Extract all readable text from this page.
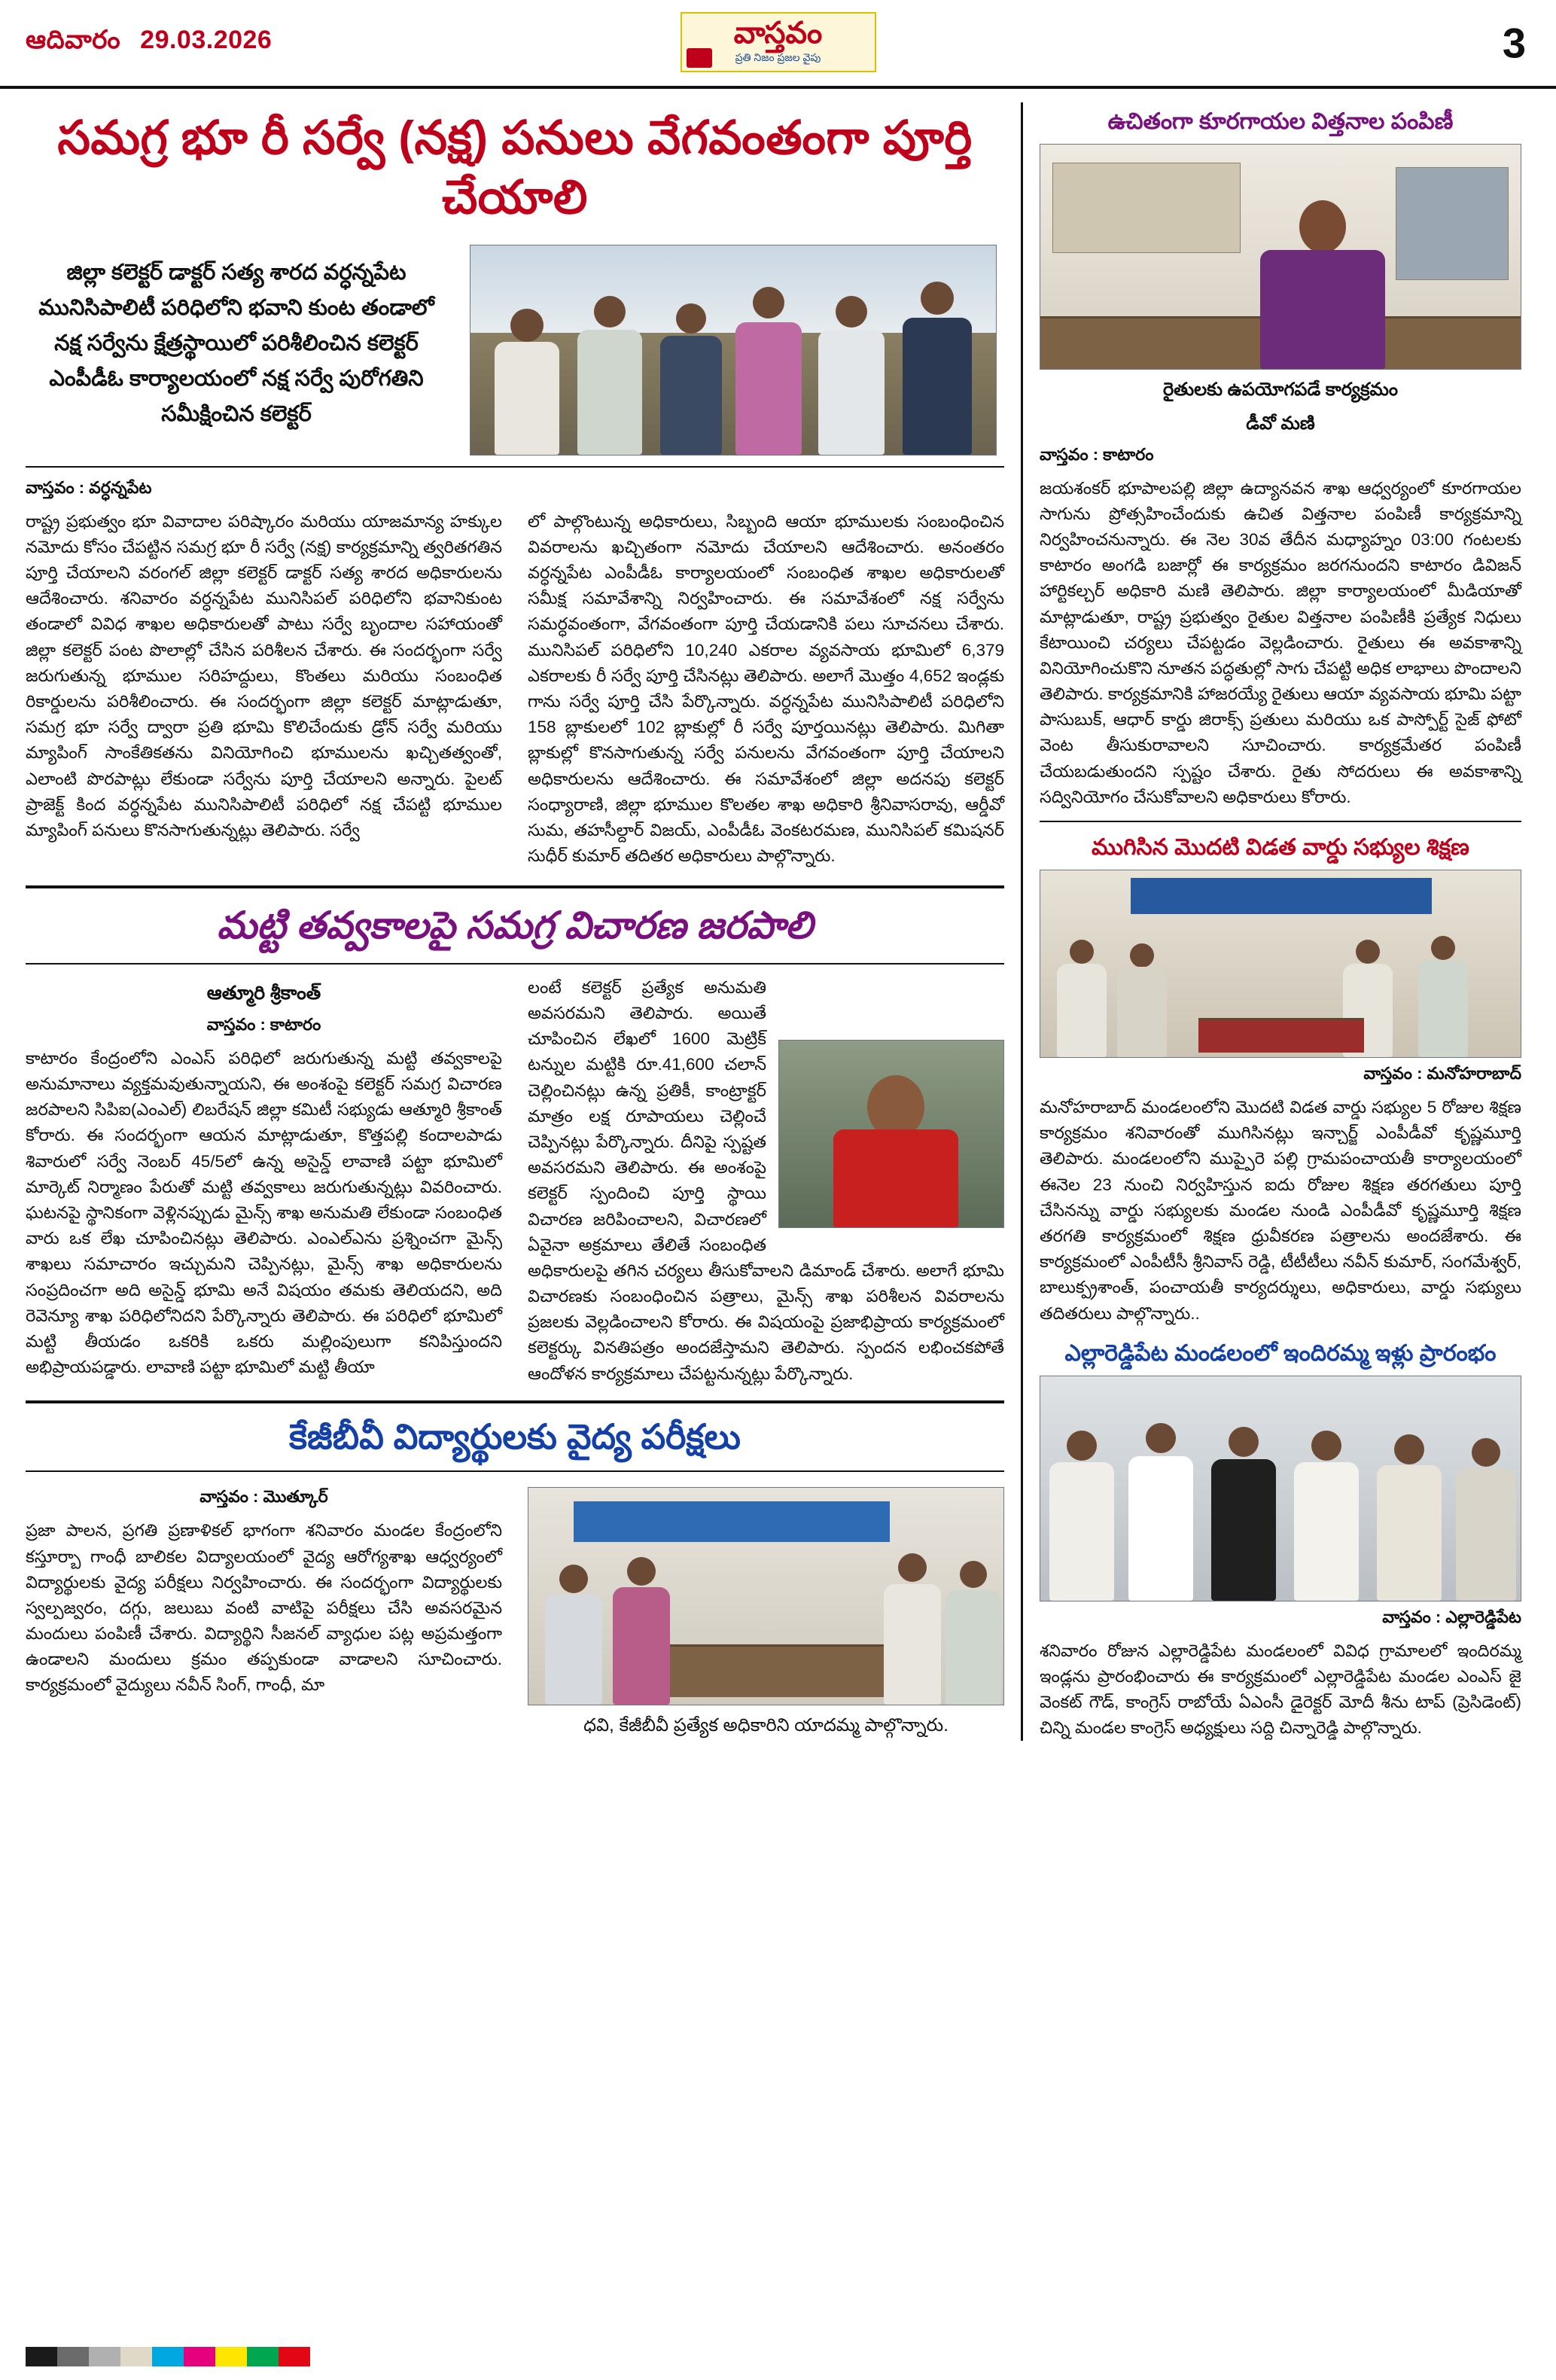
ఆదివారం 29.03.2026	వాస్తవం
ప్రతి నిజం ప్రజల వైపు	3
సమగ్ర భూ రీ సర్వే (నక్ష) పనులు వేగవంతంగా పూర్తి చేయాలి
జిల్లా కలెక్టర్ డాక్టర్ సత్య శారద వర్ధన్నపేట మునిసిపాలిటీ పరిధిలోని భవాని కుంట తండాలో నక్ష సర్వేను క్షేత్రస్థాయిలో పరిశీలించిన కలెక్టర్ ఎంపీడీఓ కార్యాలయంలో నక్ష సర్వే పురోగతిని సమీక్షించిన కలెక్టర్
వాస్తవం : వర్ధన్నపేట
రాష్ట్ర ప్రభుత్వం భూ వివాదాల పరిష్కారం మరియు యాజమాన్య హక్కుల నమోదు కోసం చేపట్టిన సమగ్ర భూ రీ సర్వే (నక్ష) కార్యక్రమాన్ని త్వరితగతిన పూర్తి చేయాలని వరంగల్ జిల్లా కలెక్టర్ డాక్టర్ సత్య శారద అధికారులను ఆదేశించారు. శనివారం వర్ధన్నపేట మునిసిపల్ పరిధిలోని భవానికుంట తండాలో వివిధ శాఖల అధికారులతో పాటు సర్వే బృందాల సహాయంతో జిల్లా కలెక్టర్ పంట పొలాల్లో చేసిన పరిశీలన చేశారు. ఈ సందర్భంగా సర్వే జరుగుతున్న భూముల సరిహద్దులు, కొంతలు మరియు సంబంధిత రికార్డులను పరిశీలించారు. ఈ సందర్భంగా జిల్లా కలెక్టర్ మాట్లాడుతూ, సమగ్ర భూ సర్వే ద్వారా ప్రతి భూమి కొలిచేందుకు డ్రోన్ సర్వే మరియు మ్యాపింగ్ సాంకేతికతను వినియోగించి భూములను ఖచ్చితత్వంతో, ఎలాంటి పొరపాట్లు లేకుండా సర్వేను పూర్తి చేయాలని అన్నారు. పైలట్ ప్రాజెక్ట్ కింద వర్ధన్నపేట మునిసిపాలిటీ పరిధిలో నక్ష చేపట్టి భూముల మ్యాపింగ్ పనులు కొనసాగుతున్నట్లు తెలిపారు. సర్వే
లో పాల్గొంటున్న అధికారులు, సిబ్బంది ఆయా భూములకు సంబంధించిన వివరాలను ఖచ్చితంగా నమోదు చేయాలని ఆదేశించారు. అనంతరం వర్ధన్నపేట ఎంపీడీఓ కార్యాలయంలో సంబంధిత శాఖల అధికారులతో సమీక్ష సమావేశాన్ని నిర్వహించారు. ఈ సమావేశంలో నక్ష సర్వేను సమర్ధవంతంగా, వేగవంతంగా పూర్తి చేయడానికి పలు సూచనలు చేశారు. మునిసిపల్ పరిధిలోని 10,240 ఎకరాల వ్యవసాయ భూమిలో 6,379 ఎకరాలకు రీ సర్వే పూర్తి చేసినట్లు తెలిపారు. అలాగే మొత్తం 4,652 ఇండ్లకు గాను సర్వే పూర్తి చేసి పేర్కొన్నారు. వర్ధన్నపేట మునిసిపాలిటీ పరిధిలోని 158 బ్లాకులలో 102 బ్లాకుల్లో రీ సర్వే పూర్తయినట్లు తెలిపారు. మిగితా బ్లాకుల్లో కొనసాగుతున్న సర్వే పనులను వేగవంతంగా పూర్తి చేయాలని అధికారులను ఆదేశించారు. ఈ సమావేశంలో జిల్లా అదనపు కలెక్టర్ సంధ్యారాణి, జిల్లా భూముల కొలతల శాఖ అధికారి శ్రీనివాసరావు, ఆర్డీవో సుమ, తహసీల్దార్ విజయ్, ఎంపీడీఓ వెంకటరమణ, మునిసిపల్ కమిషనర్ సుధీర్ కుమార్ తదితర అధికారులు పాల్గొన్నారు.
మట్టి తవ్వకాలపై సమగ్ర విచారణ జరపాలి
ఆత్మూరి శ్రీకాంత్
వాస్తవం : కాటారం
కాటారం కేంద్రంలోని ఎంఎస్ పరిధిలో జరుగుతున్న మట్టి తవ్వకాలపై అనుమానాలు వ్యక్తమవుతున్నాయని, ఈ అంశంపై కలెక్టర్ సమగ్ర విచారణ జరపాలని సిపిఐ(ఎంఎల్) లిబరేషన్ జిల్లా కమిటీ సభ్యుడు ఆత్మూరి శ్రీకాంత్ కోరారు. ఈ సందర్భంగా ఆయన మాట్లాడుతూ, కొత్తపల్లి కందాలపాడు శివారులో సర్వే నెంబర్ 45/5లో ఉన్న అసైన్డ్ లావాణి పట్టా భూమిలో మార్కెట్ నిర్మాణం పేరుతో మట్టి తవ్వకాలు జరుగుతున్నట్లు వివరించారు. ఘటనపై స్థానికంగా వెళ్లినప్పుడు మైన్స్ శాఖ అనుమతి లేకుండా సంబంధిత వారు ఒక లేఖ చూపించినట్లు తెలిపారు. ఎంఎల్ఎను ప్రశ్నించగా మైన్స్ శాఖలు సమాచారం ఇచ్చుమని చెప్పినట్లు, మైన్స్ శాఖ అధికారులను సంప్రదించగా అది అసైన్డ్ భూమి అనే విషయం తమకు తెలియదని, అది రెవెన్యూ శాఖ పరిధిలోనిదని పేర్కొన్నారు తెలిపారు. ఈ పరిధిలో భూమిలో మట్టి తీయడం ఒకరికి ఒకరు మల్లింపులుగా కనిపిస్తుందని అభిప్రాయపడ్డారు. లావాణి పట్టా భూమిలో మట్టి తీయా
లంటే కలెక్టర్ ప్రత్యేక అనుమతి అవసరమని తెలిపారు. అయితే చూపించిన లేఖలో 1600 మెట్రిక్ టన్నుల మట్టికి రూ.41,600 చలాన్ చెల్లించినట్లు ఉన్న ప్రతికీ, కాంట్రాక్టర్ మాత్రం లక్ష రూపాయలు చెల్లించే చెప్పినట్లు పేర్కొన్నారు. దీనిపై స్పష్టత అవసరమని తెలిపారు. ఈ అంశంపై కలెక్టర్ స్పందించి పూర్తి స్థాయి విచారణ జరిపించాలని, విచారణలో ఏవైనా అక్రమాలు తేలితే సంబంధిత అధికారులపై తగిన చర్యలు తీసుకోవాలని డిమాండ్ చేశారు. అలాగే భూమి విచారణకు సంబంధించిన పత్రాలు, మైన్స్ శాఖ పరిశీలన వివరాలను ప్రజలకు వెల్లడించాలని కోరారు. ఈ విషయంపై ప్రజాభిప్రాయ కార్యక్రమంలో కలెక్టర్కు వినతిపత్రం అందజేస్తామని తెలిపారు. స్పందన లభించకపోతే ఆందోళన కార్యక్రమాలు చేపట్టనున్నట్లు పేర్కొన్నారు.
కేజీబీవీ విద్యార్థులకు వైద్య పరీక్షలు
వాస్తవం : మొత్కూర్
ప్రజా పాలన, ప్రగతి ప్రణాళికల్ భాగంగా శనివారం మండల కేంద్రంలోని కస్తూర్బా గాంధీ బాలికల విద్యాలయంలో వైద్య ఆరోగ్యశాఖ ఆధ్వర్యంలో విద్యార్థులకు వైద్య పరీక్షలు నిర్వహించారు. ఈ సందర్భంగా విద్యార్థులకు స్వల్పజ్వరం, దగ్గు, జలుబు వంటి వాటిపై పరీక్షలు చేసి అవసరమైన మందులు పంపిణీ చేశారు. విద్యార్థిని సీజనల్ వ్యాధుల పట్ల అప్రమత్తంగా ఉండాలని మందులు క్రమం తప్పకుండా వాడాలని సూచించారు. కార్యక్రమంలో వైద్యులు నవీన్ సింగ్, గాంధీ, మా
ధవి, కేజీబీవీ ప్రత్యేక అధికారిని యాదమ్మ పాల్గొన్నారు.
ఉచితంగా కూరగాయల విత్తనాల పంపిణీ
రైతులకు ఉపయోగపడే కార్యక్రమం
డీవో మణి
వాస్తవం : కాటారం
జయశంకర్ భూపాలపల్లి జిల్లా ఉద్యానవన శాఖ ఆధ్వర్యంలో కూరగాయల సాగును ప్రోత్సహించేందుకు ఉచిత విత్తనాల పంపిణీ కార్యక్రమాన్ని నిర్వహించనున్నారు. ఈ నెల 30వ తేదీన మధ్యాహ్నం 03:00 గంటలకు కాటారం అంగడి బజార్లో ఈ కార్యక్రమం జరగనుందని కాటారం డివిజన్ హార్టికల్చర్ అధికారి మణి తెలిపారు. జిల్లా కార్యాలయంలో మీడియాతో మాట్లాడుతూ, రాష్ట్ర ప్రభుత్వం రైతుల విత్తనాల పంపిణీకి ప్రత్యేక నిధులు కేటాయించి చర్యలు చేపట్టడం వెల్లడించారు. రైతులు ఈ అవకాశాన్ని వినియోగించుకొని నూతన పద్ధతుల్లో సాగు చేపట్టి అధిక లాభాలు పొందాలని తెలిపారు. కార్యక్రమానికి హాజరయ్యే రైతులు ఆయా వ్యవసాయ భూమి పట్టా పాసుబుక్, ఆధార్ కార్డు జిరాక్స్ ప్రతులు మరియు ఒక పాస్పోర్ట్ సైజ్ ఫోటో వెంట తీసుకురావాలని సూచించారు. కార్యక్రమేతర పంపిణీ చేయబడుతుందని స్పష్టం చేశారు. రైతు సోదరులు ఈ అవకాశాన్ని సద్వినియోగం చేసుకోవాలని అధికారులు కోరారు.
ముగిసిన మొదటి విడత వార్డు సభ్యుల శిక్షణ
వాస్తవం : మనోహరాబాద్
మనోహరాబాద్ మండలంలోని మొదటి విడత వార్డు సభ్యుల 5 రోజుల శిక్షణ కార్యక్రమం శనివారంతో ముగిసినట్లు ఇన్చార్జ్ ఎంపీడీవో కృష్ణమూర్తి తెలిపారు. మండలంలోని ముప్పైరె పల్లి గ్రామపంచాయతీ కార్యాలయంలో ఈనెల 23 నుంచి నిర్వహిస్తున ఐదు రోజుల శిక్షణ తరగతులు పూర్తి చేసినన్ను వార్డు సభ్యులకు మండల నుండి ఎంపీడీవో కృష్ణమూర్తి శిక్షణ తరగతి కార్యక్రమంలో శిక్షణ ధ్రువీకరణ పత్రాలను అందజేశారు. ఈ కార్యక్రమంలో ఎంపీటీసీ శ్రీనివాస్ రెడ్డి, టీటీటీలు నవీన్ కుమార్, సంగమేశ్వర్, బాలుక్ప్రశాంత్, పంచాయతీ కార్యదర్శులు, అధికారులు, వార్డు సభ్యులు తదితరులు పాల్గొన్నారు..
ఎల్లారెడ్డిపేట మండలంలో ఇందిరమ్మ ఇళ్లు ప్రారంభం
వాస్తవం : ఎల్లారెడ్డిపేట
శనివారం రోజున ఎల్లారెడ్డిపేట మండలంలో వివిధ గ్రామాలలో ఇందిరమ్మ ఇండ్లను ప్రారంభించారు ఈ కార్యక్రమంలో ఎల్లారెడ్డిపేట మండల ఎంఎస్ జై వెంకట్ గౌడ్, కాంగ్రెస్ రాబోయే ఏఎంసీ డైరెక్టర్ మోదీ శీను టాప్ (ప్రెసిడెంట్) చిన్ని మండల కాంగ్రెస్ అధ్యక్షులు సద్ది చిన్నారెడ్డి పాల్గొన్నారు.
